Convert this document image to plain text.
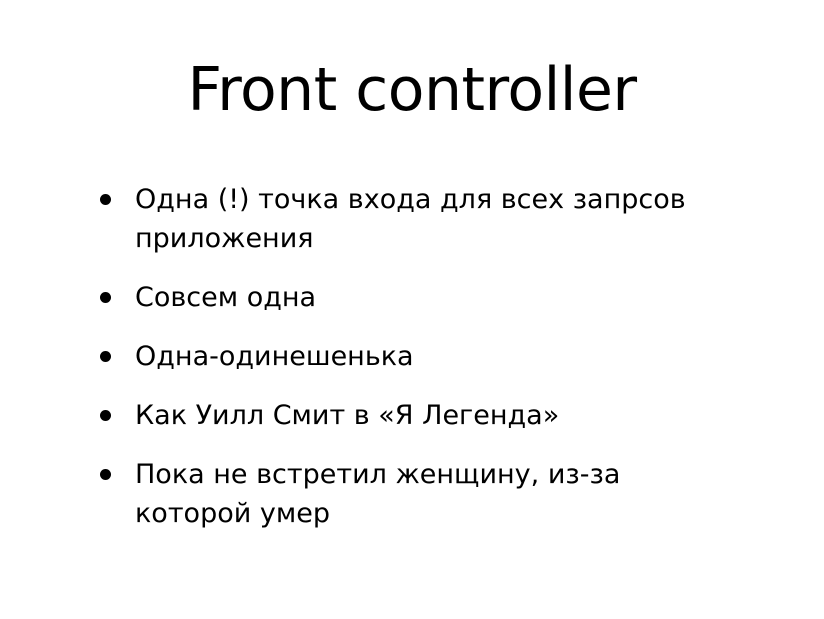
Front controller
Одна (!) точка входа для всех запрсов приложения
Совсем одна
Одна-одинешенька
Как Уилл Смит в «Я Легенда»
Пока не встретил женщину, из-за которой умер
